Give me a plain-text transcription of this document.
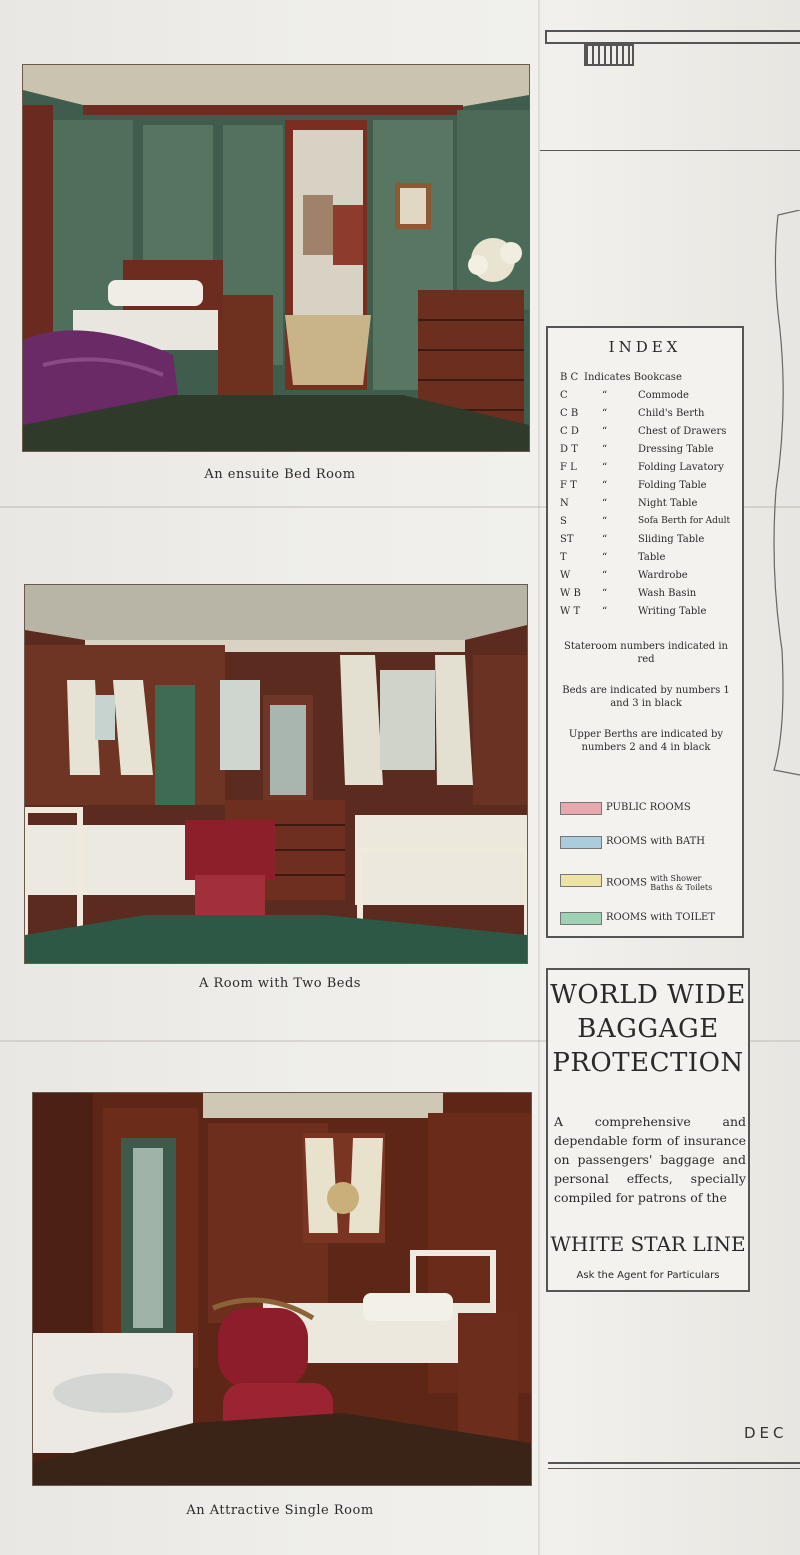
An ensuite Bed Room
A Room with Two Beds
An Attractive Single Room
DEC
INDEX
B C Indicates Bookcase
C	“	Commode
C B “	Child's Berth
C D “	Chest of Drawers
D T “	Dressing Table
F L	“	Folding Lavatory
F T	“	Folding Table
N	“	Night Table
S	“	Sofa Berth for Adult
ST	“	Sliding Table
T	“	Table
W	“	Wardrobe
W B “	Wash Basin
W T “	Writing Table
Stateroom numbers indicated in red
Beds are indicated by numbers 1 and 3 in black
Upper Berths are indicated by numbers 2 and 4 in black
PUBLIC ROOMS
ROOMS with BATH
ROOMS with Shower Baths & Toilets
ROOMS with TOILET
WORLD WIDE
BAGGAGE
PROTECTION
A comprehensive and dependable form of insurance on passengers' baggage and personal effects, specially compiled for patrons of the
WHITE STAR LINE
Ask the Agent for Particulars
